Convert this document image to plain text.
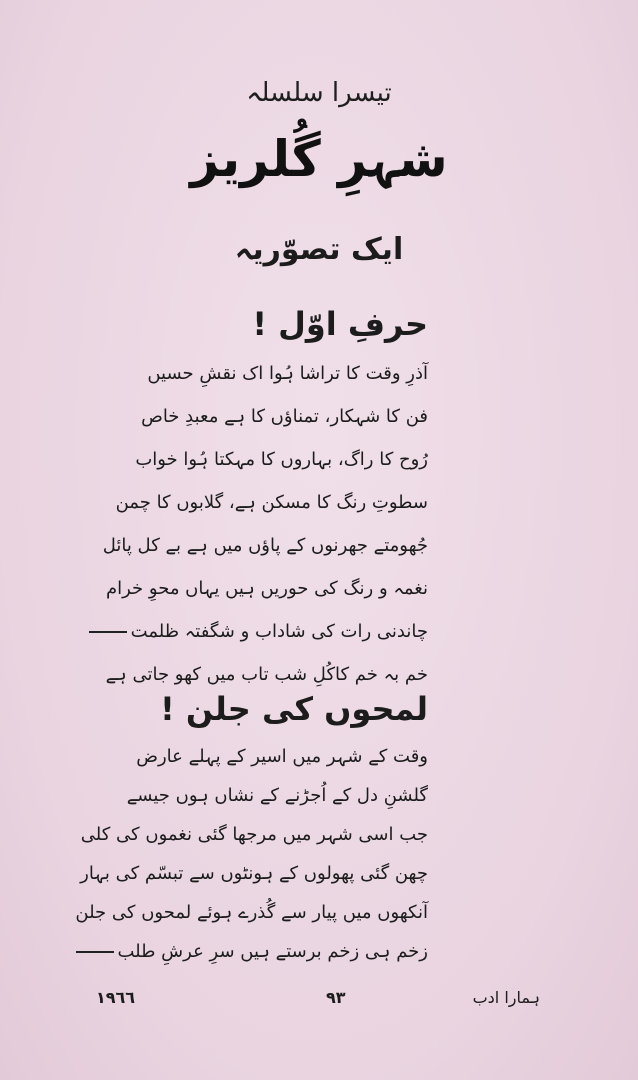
تیسرا سلسلہ
شہرِ گُلریز
ایک تصوّریہ
حرفِ اوّل !
آذرِ وقت کا تراشا ہُوا اک نقشِ حسیں
فن کا شہکار، تمناؤں کا ہے معبدِ خاص
رُوح کا راگ، بہاروں کا مہکتا ہُوا خواب
سطوتِ رنگ کا مسکن ہے، گلابوں کا چمن
جُھومتے جھرنوں کے پاؤں میں ہے بے کل پائل
نغمہ و رنگ کی حوریں ہیں یہاں محوِ خرام
چاندنی رات کی شاداب و شگفتہ ظلمت
خم بہ خم کاکُلِ شب تاب میں کھو جاتی ہے
لمحوں کی جلن !
وقت کے شہر میں اسیر کے پہلے عارض
گلشنِ دل کے اُجڑنے کے نشاں ہوں جیسے
جب اسی شہر میں مرجھا گئی نغموں کی کلی
چھن گئی پھولوں کے ہونٹوں سے تبسّم کی بہار
آنکھوں میں پیار سے گُذرے ہوئے لمحوں کی جلن
زخم ہی زخم برستے ہیں سرِ عرشِ طلب
١٩٦٦	٩٣	ہمارا ادب
